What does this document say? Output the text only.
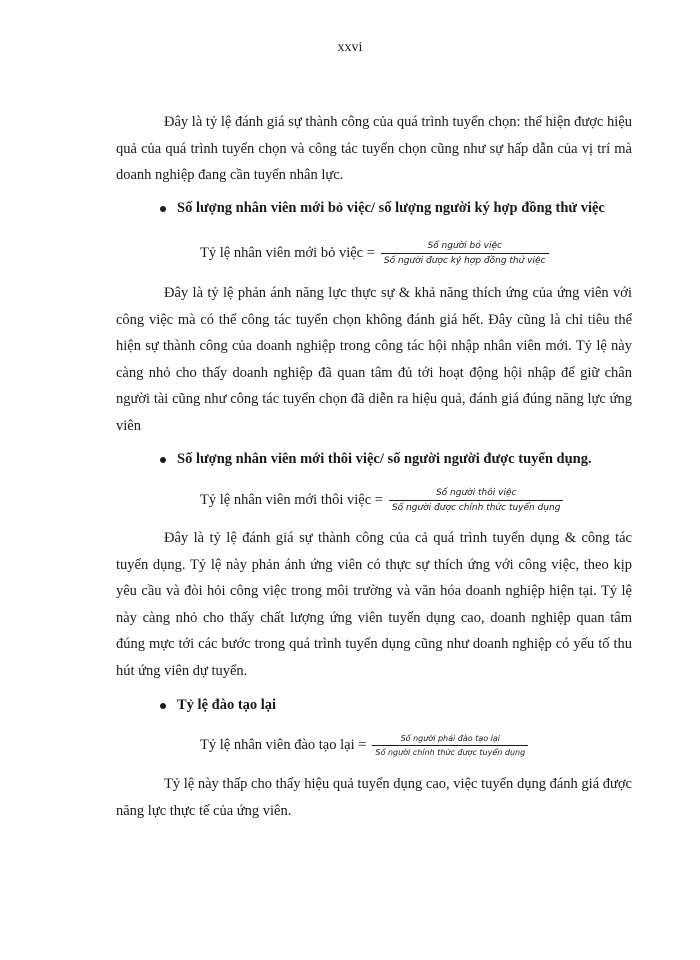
xxvi

Đây là tỷ lệ đánh giá sự thành công của quá trình tuyển chọn: thể hiện được hiệu quả của quá trình tuyển chọn và công tác tuyển chọn cũng như sự hấp dẫn của vị trí mà doanh nghiệp đang cần tuyển nhân lực.

Số lượng nhân viên mới bỏ việc/ số lượng người ký hợp đồng thử việc
Tỷ lệ nhân viên mới bỏ việc = $\frac{\text{Số người bỏ việc}}{\text{Số người được ký hợp đồng thử việc}}$

Đây là tỷ lệ phản ánh năng lực thực sự & khả năng thích ứng của ứng viên với công việc mà có thể công tác tuyển chọn không đánh giá hết. Đây cũng là chỉ tiêu thể hiện sự thành công của doanh nghiệp trong công tác hội nhập nhân viên mới. Tỷ lệ này càng nhỏ cho thấy doanh nghiệp đã quan tâm đủ tới hoạt động hội nhập để giữ chân người tài cũng như công tác tuyển chọn đã diễn ra hiệu quả, đánh giá đúng năng lực ứng viên

Số lượng nhân viên mới thôi việc/ số người người được tuyển dụng.
Tỷ lệ nhân viên mới thôi việc = $\frac{\text{Số người thôi việc}}{\text{Số người được chính thức tuyển dụng}}$

Đây là tỷ lệ đánh giá sự thành công của cả quá trình tuyển dụng & công tác tuyển dụng. Tỷ lệ này phản ánh ứng viên có thực sự thích ứng với công việc, theo kịp yêu cầu và đòi hỏi công việc trong môi trường và văn hóa doanh nghiệp hiện tại. Tỷ lệ này càng nhỏ cho thấy chất lượng ứng viên tuyển dụng cao, doanh nghiệp quan tâm đúng mực tới các bước trong quá trình tuyển dụng cũng như doanh nghiệp có yếu tố thu hút ứng viên dự tuyển.

Tỷ lệ đào tạo lại
Tỷ lệ nhân viên đào tạo lại = $\frac{\text{Số người phải đào tạo lại}}{\text{Số người chính thức được tuyển dụng}}$

Tỷ lệ này thấp cho thấy hiệu quả tuyển dụng cao, việc tuyển dụng đánh giá được năng lực thực tế của ứng viên.
